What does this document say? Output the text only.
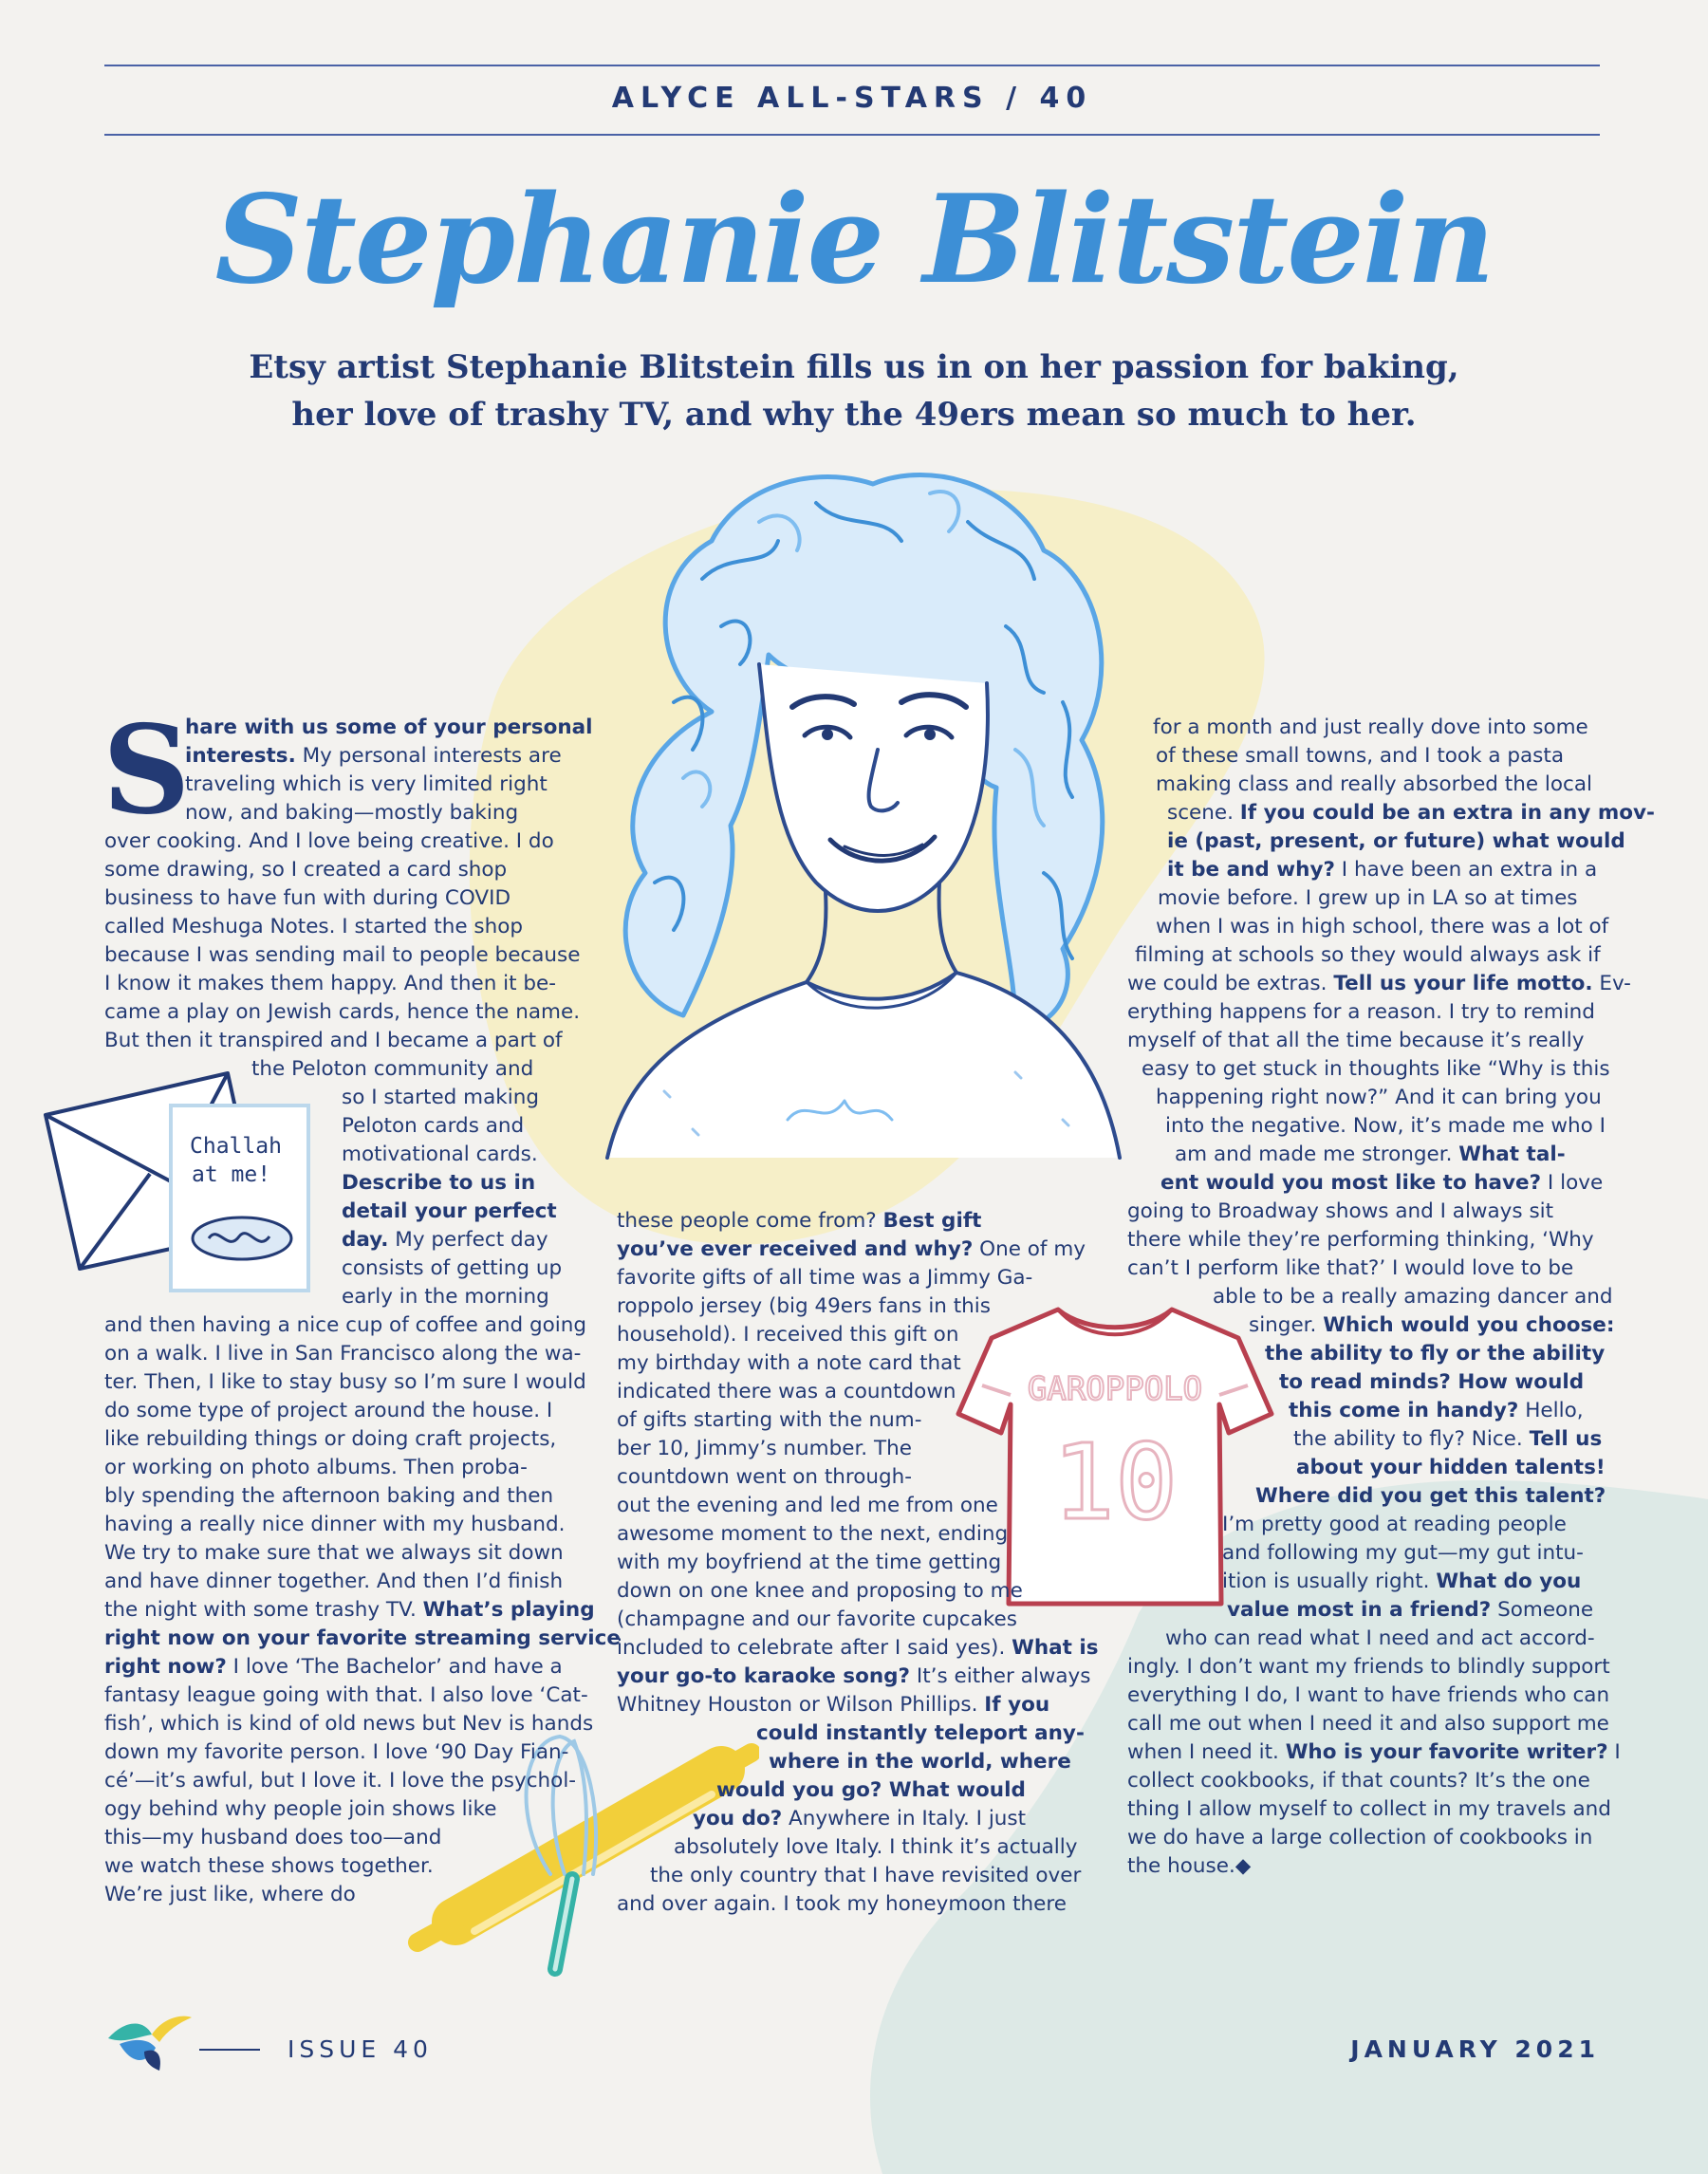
ALYCE ALL-STARS / 40
Stephanie Blitstein
Etsy artist Stephanie Blitstein fills us in on her passion for baking,
her love of trashy TV, and why the 49ers mean so much to her.
Challah
at me!
GAROPPOLO
10
S
hare with us some of your personal
interests. My personal interests are
traveling which is very limited right
now, and baking—mostly baking
over cooking. And I love being creative. I do
some drawing, so I created a card shop
business to have fun with during COVID
called Meshuga Notes. I started the shop
because I was sending mail to people because
I know it makes them happy. And then it be-
came a play on Jewish cards, hence the name.
But then it transpired and I became a part of
the Peloton community and
so I started making
Peloton cards and
motivational cards.
Describe to us in
detail your perfect
day. My perfect day
consists of getting up
early in the morning
and then having a nice cup of coffee and going
on a walk. I live in San Francisco along the wa-
ter. Then, I like to stay busy so I’m sure I would
do some type of project around the house. I
like rebuilding things or doing craft projects,
or working on photo albums. Then proba-
bly spending the afternoon baking and then
having a really nice dinner with my husband.
We try to make sure that we always sit down
and have dinner together. And then I’d finish
the night with some trashy TV. What’s playing
right now on your favorite streaming service
right now? I love ‘The Bachelor’ and have a
fantasy league going with that. I also love ‘Cat-
fish’, which is kind of old news but Nev is hands
down my favorite person. I love ‘90 Day Fian-
cé’—it’s awful, but I love it. I love the psychol-
ogy behind why people join shows like
this—my husband does too—and
we watch these shows together.
We’re just like, where do
these people come from? Best gift
you’ve ever received and why? One of my
favorite gifts of all time was a Jimmy Ga-
roppolo jersey (big 49ers fans in this
household). I received this gift on
my birthday with a note card that
indicated there was a countdown
of gifts starting with the num-
ber 10, Jimmy’s number. The
countdown went on through-
out the evening and led me from one
awesome moment to the next, ending
with my boyfriend at the time getting
down on one knee and proposing to me
(champagne and our favorite cupcakes
included to celebrate after I said yes). What is
your go-to karaoke song? It’s either always
Whitney Houston or Wilson Phillips. If you
could instantly teleport any-
where in the world, where
would you go? What would
you do? Anywhere in Italy. I just
absolutely love Italy. I think it’s actually
the only country that I have revisited over
and over again. I took my honeymoon there
for a month and just really dove into some
of these small towns, and I took a pasta
making class and really absorbed the local
scene. If you could be an extra in any mov-
ie (past, present, or future) what would
it be and why? I have been an extra in a
movie before. I grew up in LA so at times
when I was in high school, there was a lot of
filming at schools so they would always ask if
we could be extras. Tell us your life motto. Ev-
erything happens for a reason. I try to remind
myself of that all the time because it’s really
easy to get stuck in thoughts like “Why is this
happening right now?” And it can bring you
into the negative. Now, it’s made me who I
am and made me stronger. What tal-
ent would you most like to have? I love
going to Broadway shows and I always sit
there while they’re performing thinking, ‘Why
can’t I perform like that?’ I would love to be
able to be a really amazing dancer and
singer. Which would you choose:
the ability to fly or the ability
to read minds? How would
this come in handy? Hello,
the ability to fly? Nice. Tell us
about your hidden talents!
Where did you get this talent?
I’m pretty good at reading people
and following my gut—my gut intu-
ition is usually right. What do you
value most in a friend? Someone
who can read what I need and act accord-
ingly. I don’t want my friends to blindly support
everything I do, I want to have friends who can
call me out when I need it and also support me
when I need it. Who is your favorite writer? I
collect cookbooks, if that counts? It’s the one
thing I allow myself to collect in my travels and
we do have a large collection of cookbooks in
the house.◆
ISSUE 40	JANUARY 2021
